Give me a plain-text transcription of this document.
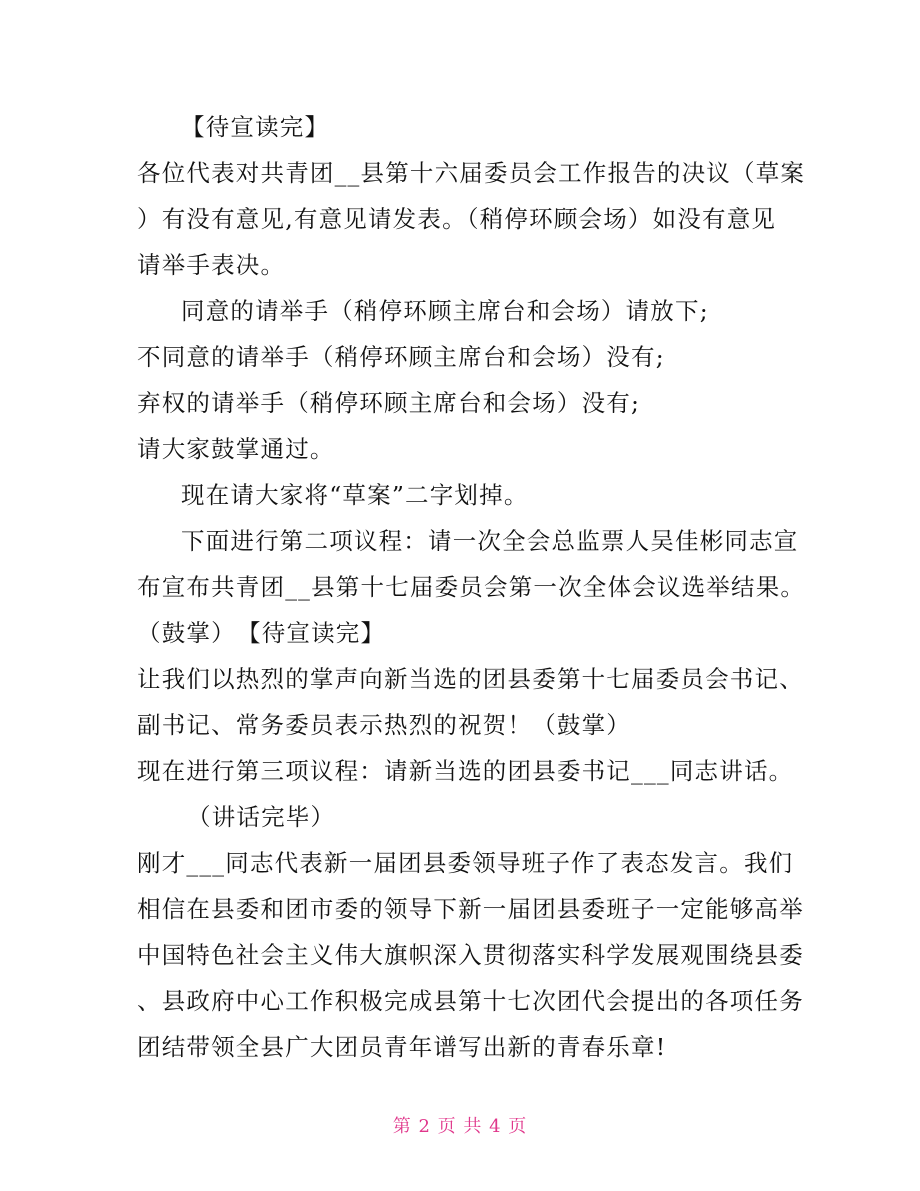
【待宣读完】
各位代表对共青团__县第十六届委员会工作报告的决议（草案
）有没有意见,有意见请发表。（稍停环顾会场）如没有意见
请举手表决。
同意的请举手（稍停环顾主席台和会场）请放下;
不同意的请举手（稍停环顾主席台和会场）没有;
弃权的请举手（稍停环顾主席台和会场）没有;
请大家鼓掌通过。
现在请大家将“草案”二字划掉。
下面进行第二项议程：请一次全会总监票人吴佳彬同志宣
布宣布共青团__县第十七届委员会第一次全体会议选举结果。
（鼓掌）　【待宣读完】
让我们以热烈的掌声向新当选的团县委第十七届委员会书记、
副书记、常务委员表示热烈的祝贺！（鼓掌）
现在进行第三项议程：请新当选的团县委书记___同志讲话。
（讲话完毕）
刚才___同志代表新一届团县委领导班子作了表态发言。我们
相信在县委和团市委的领导下新一届团县委班子一定能够高举
中国特色社会主义伟大旗帜深入贯彻落实科学发展观围绕县委
、县政府中心工作积极完成县第十七次团代会提出的各项任务
团结带领全县广大团员青年谱写出新的青春乐章!
第 2 页 共 4 页
